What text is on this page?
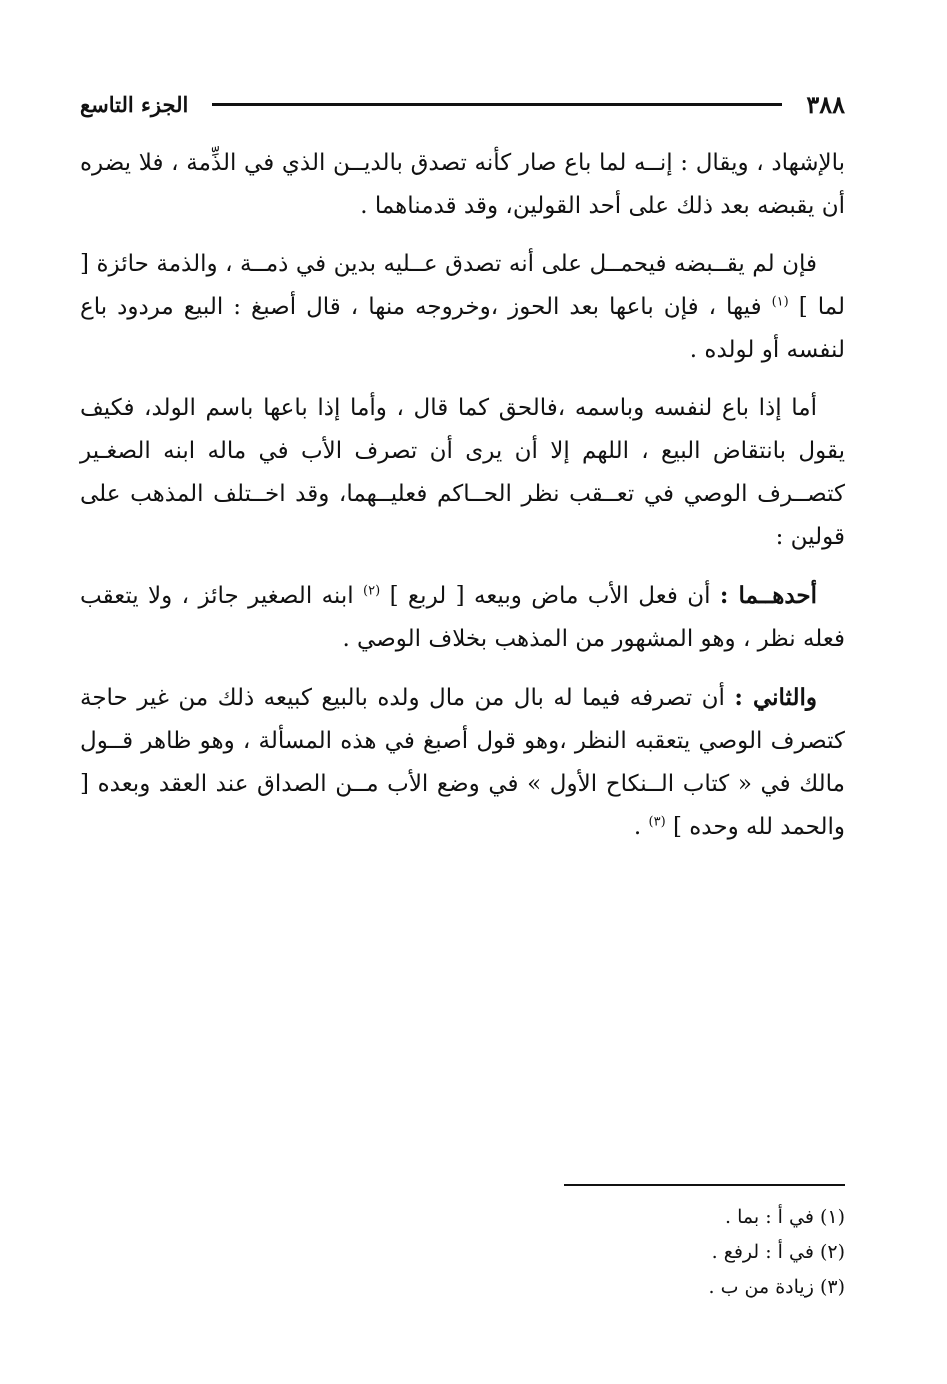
٣٨٨
الجزء التاسع

بالإشهاد ، ويقال : إنــه لما باع صار كأنه تصدق بالديــن الذي في الذِّمة ، فلا يضره أن يقبضه بعد ذلك على أحد القولين، وقد قدمناهما .

فإن لم يقــبضه فيحمــل على أنه تصدق عــليه بدين في ذمــة ، والذمة حائزة [ لما ] $^{(١)}$ فيها ، فإن باعها بعد الحوز ،وخروجه منها ، قال أصبغ : البيع مردود باع لنفسه أو لولده .

أما إذا باع لنفسه وباسمه ،فالحق كما قال ، وأما إذا باعها باسم الولد، فكيف يقول بانتقاض البيع ، اللهم إلا أن يرى أن تصرف الأب في ماله ابنه الصغـير كتصــرف الوصي في تعــقب نظر الحــاكم فعليــهما، وقد اخــتلف المذهب على قولين :

أحدهــما : أن فعل الأب ماض وبيعه [ لربع ] $^{(٢)}$ ابنه الصغير جائز ، ولا يتعقب فعله نظر ، وهو المشهور من المذهب بخلاف الوصي .

والثاني : أن تصرفه فيما له بال من مال ولده بالبيع كبيعه ذلك من غير حاجة كتصرف الوصي يتعقبه النظر ،وهو قول أصبغ في هذه المسألة ، وهو ظاهر قــول مالك في « كتاب الــنكاح الأول » في وضع الأب مــن الصداق عند العقد وبعده [ والحمد لله وحده ] $^{(٣)}$ .

(١) في أ : بما .
(٢) في أ : لرفع .
(٣) زيادة من ب .
